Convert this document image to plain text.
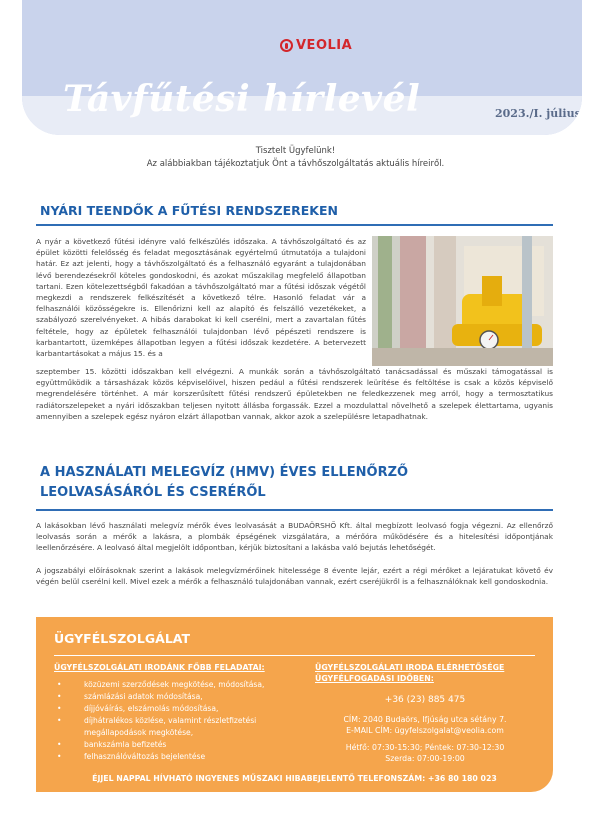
VEOLIA
Távfűtési hírlevél	2023./I. július
Tisztelt Ügyfelünk!
Az alábbiakban tájékoztatjuk Önt a távhőszolgáltatás aktuális híreiről.
NYÁRI TEENDŐK A FŰTÉSI RENDSZEREKEN
A nyár a következő fűtési idényre való felkészülés időszaka. A távhőszolgáltató és az épület közötti felelősség és feladat megosztásának egyértelmű útmutatója a tulajdoni határ. Ez azt jelenti, hogy a távhőszolgáltató és a felhasználó egyaránt a tulajdonában lévő berendezésekről köteles gondoskodni, és azokat műszakilag megfelelő állapotban tartani. Ezen kötelezettségből fakadóan a távhőszolgáltató mar a fűtési időszak végétől megkezdi a rendszerek felkészítését a következő télre. Hasonló feladat vár a felhasználói közösségekre is. Ellenőrizni kell az alapító és felszálló vezetékeket, a szabályozó szerelvényeket. A hibás darabokat ki kell cserélni, mert a zavartalan fűtés feltétele, hogy az épületek felhasználói tulajdonban lévő pépészeti rendszere is karbantartott, üzemképes állapotban legyen a fűtési időszak kezdetére. A betervezett karbantartásokat a május 15. és a
szeptember 15. közötti időszakban kell elvégezni. A munkák során a távhőszolgáltató tanácsadással és műszaki támogatással is együttműködik a társasházak közös képviselőivel, hiszen pedául a fűtési rendszerek leürítése és feltöltése is csak a közös képviselő megrendelésére történhet. A már korszerűsített fűtési rendszerű épületekben ne feledkezzenek meg arról, hogy a termosztatikus radiátorszelepeket a nyári időszakban teljesen nyitott állásba forgassák. Ezzel a mozdulattal növelhető a szelepek élettartama, ugyanis amennyiben a szelepek egész nyáron elzárt állapotban vannak, akkor azok a szelepülésre letapadhatnak.
A HASZNÁLATI MELEGVÍZ (HMV) ÉVES ELLENŐRZŐ
LEOLVASÁSÁRÓL ÉS CSERÉRŐL
A lakásokban lévő használati melegvíz mérők éves leolvasását a BUDAÖRSHŐ Kft. által megbízott leolvasó fogja végezni. Az ellenőrző leolvasás során a mérők a lakásra, a plombák épségének vizsgálatára, a mérőóra működésére és a hitelesítési időpontjának leellenőrzésére. A leolvasó által megjelölt időpontban, kérjük biztosítani a lakásba való bejutás lehetőségét.
A jogszabályi előírásoknak szerint a lakások melegvízmérőinek hitelessége 8 évente lejár, ezért a régi mérőket a lejáratukat követő év végén belül cserélni kell. Mivel ezek a mérők a felhasználó tulajdonában vannak, ezért cseréjükről is a felhasználóknak kell gondoskodnia.
ÜGYFÉLSZOLGÁLAT
ÜGYFÉLSZOLGÁLATI IRODÁNK FŐBB FELADATAI:
• közüzemi szerződések megkötése, módosítása,
• számlázási adatok módosítása,
• díjjóváírás, elszámolás módosítása,
• díjhátralékos közlése, valamint részletfizetési megállapodások megkötése,
• bankszámla befizetés
• felhasználóváltozás bejelentése
ÜGYFÉLSZOLGÁLATI IRODA ELÉRHETŐSÉGE
ÜGYFÉLFOGADÁSI IDŐBEN:
+36 (23) 885 475
CÍM: 2040 Budaörs, Ifjúság utca sétány 7.
E-MAIL CÍM: ügyfelszolgalat@veolia.com
Hétfő: 07:30-15:30; Péntek: 07:30-12:30
Szerda: 07:00-19:00
ÉJJEL NAPPAL HÍVHATÓ INGYENES MŰSZAKI HIBABEJELENTŐ TELEFONSZÁM: +36 80 180 023
